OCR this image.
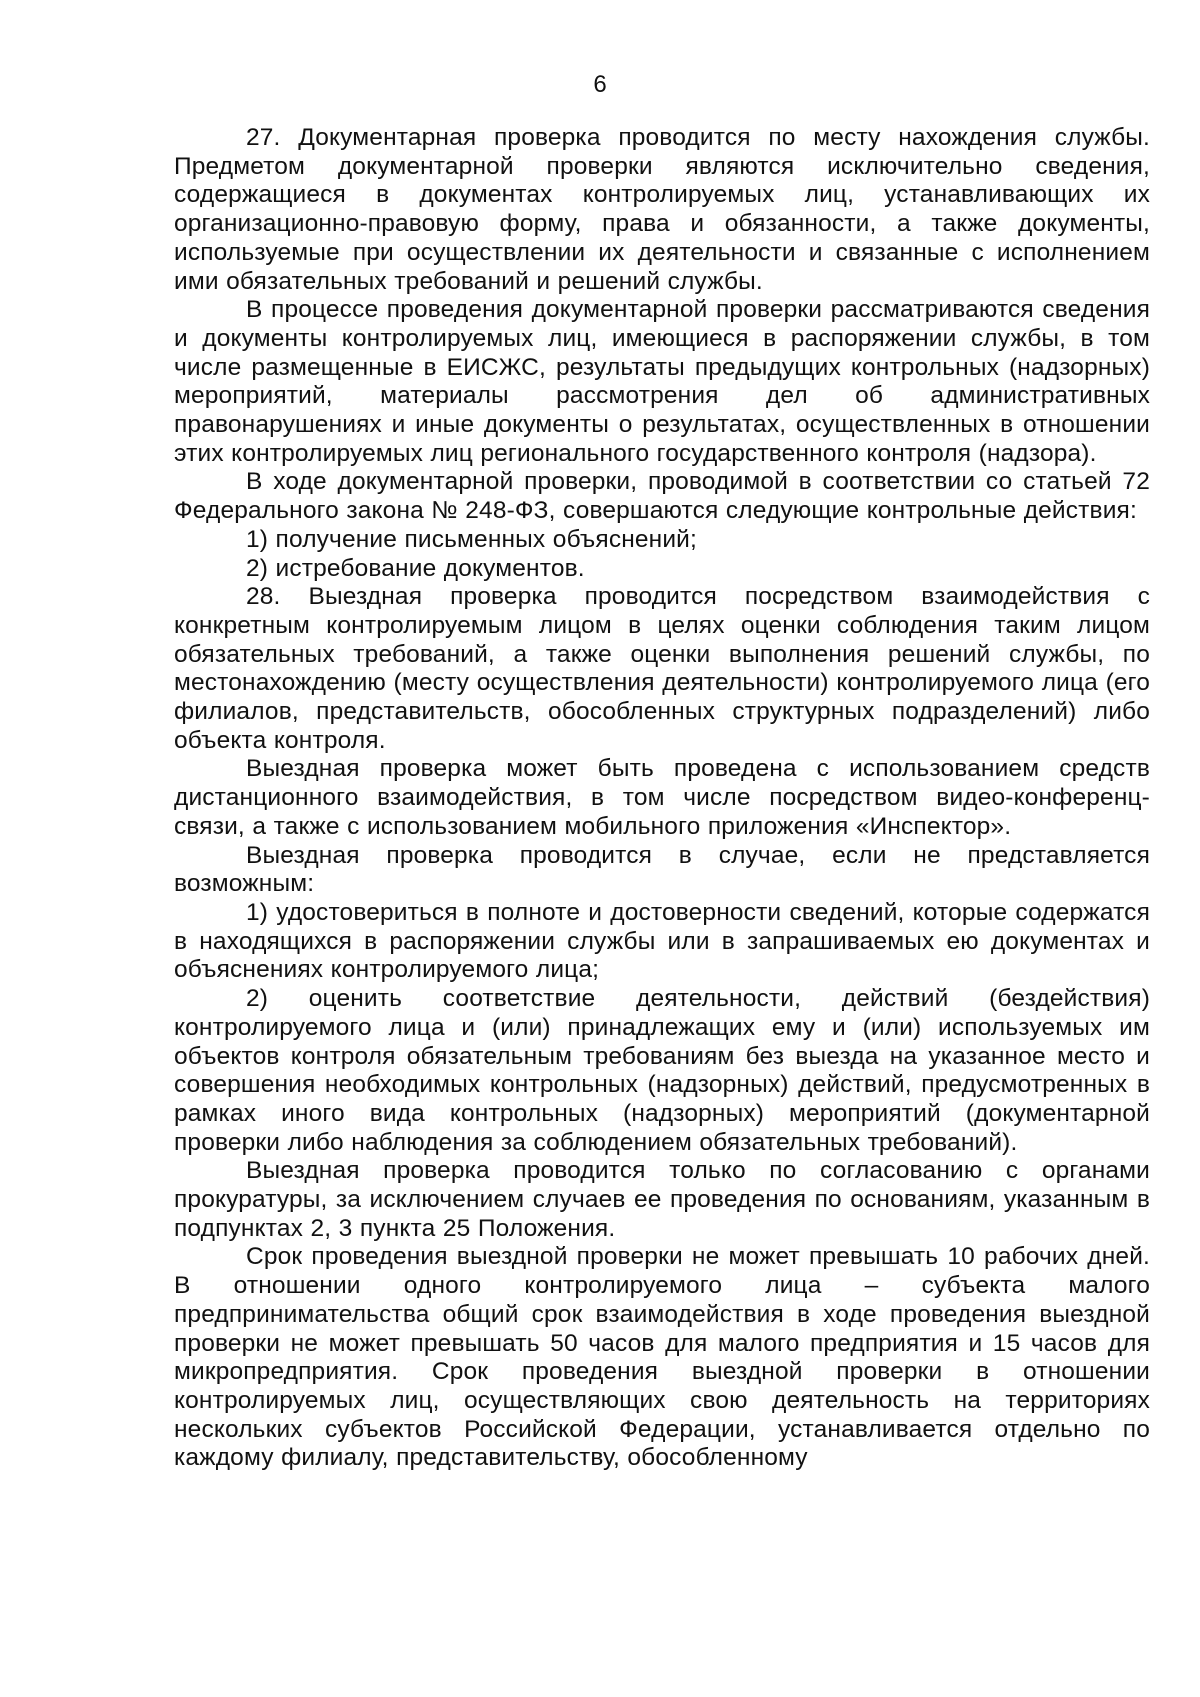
6

27. Документарная проверка проводится по месту нахождения службы. Предметом документарной проверки являются исключительно сведения, содержащиеся в документах контролируемых лиц, устанавливающих их организационно-правовую форму, права и обязанности, а также документы, используемые при осуществлении их деятельности и связанные с исполнением ими обязательных требований и решений службы.

В процессе проведения документарной проверки рассматриваются сведения и документы контролируемых лиц, имеющиеся в распоряжении службы, в том числе размещенные в ЕИСЖС, результаты предыдущих контрольных (надзорных) мероприятий, материалы рассмотрения дел об административных правонарушениях и иные документы о результатах, осуществленных в отношении этих контролируемых лиц регионального государственного контроля (надзора).

В ходе документарной проверки, проводимой в соответствии со статьей 72 Федерального закона № 248-ФЗ, совершаются следующие контрольные действия:

1) получение письменных объяснений;

2) истребование документов.

28. Выездная проверка проводится посредством взаимодействия с конкретным контролируемым лицом в целях оценки соблюдения таким лицом обязательных требований, а также оценки выполнения решений службы, по местонахождению (месту осуществления деятельности) контролируемого лица (его филиалов, представительств, обособленных структурных подразделений) либо объекта контроля.

Выездная проверка может быть проведена с использованием средств дистанционного взаимодействия, в том числе посредством видео-конференц-связи, а также с использованием мобильного приложения «Инспектор».

Выездная проверка проводится в случае, если не представляется возможным:

1) удостовериться в полноте и достоверности сведений, которые содержатся в находящихся в распоряжении службы или в запрашиваемых ею документах и объяснениях контролируемого лица;

2) оценить соответствие деятельности, действий (бездействия) контролируемого лица и (или) принадлежащих ему и (или) используемых им объектов контроля обязательным требованиям без выезда на указанное место и совершения необходимых контрольных (надзорных) действий, предусмотренных в рамках иного вида контрольных (надзорных) мероприятий (документарной проверки либо наблюдения за соблюдением обязательных требований).

Выездная проверка проводится только по согласованию с органами прокуратуры, за исключением случаев ее проведения по основаниям, указанным в подпунктах 2, 3 пункта 25 Положения.

Срок проведения выездной проверки не может превышать 10 рабочих дней. В отношении одного контролируемого лица – субъекта малого предпринимательства общий срок взаимодействия в ходе проведения выездной проверки не может превышать 50 часов для малого предприятия и 15 часов для микропредприятия. Срок проведения выездной проверки в отношении контролируемых лиц, осуществляющих свою деятельность на территориях нескольких субъектов Российской Федерации, устанавливается отдельно по каждому филиалу, представительству, обособленному
